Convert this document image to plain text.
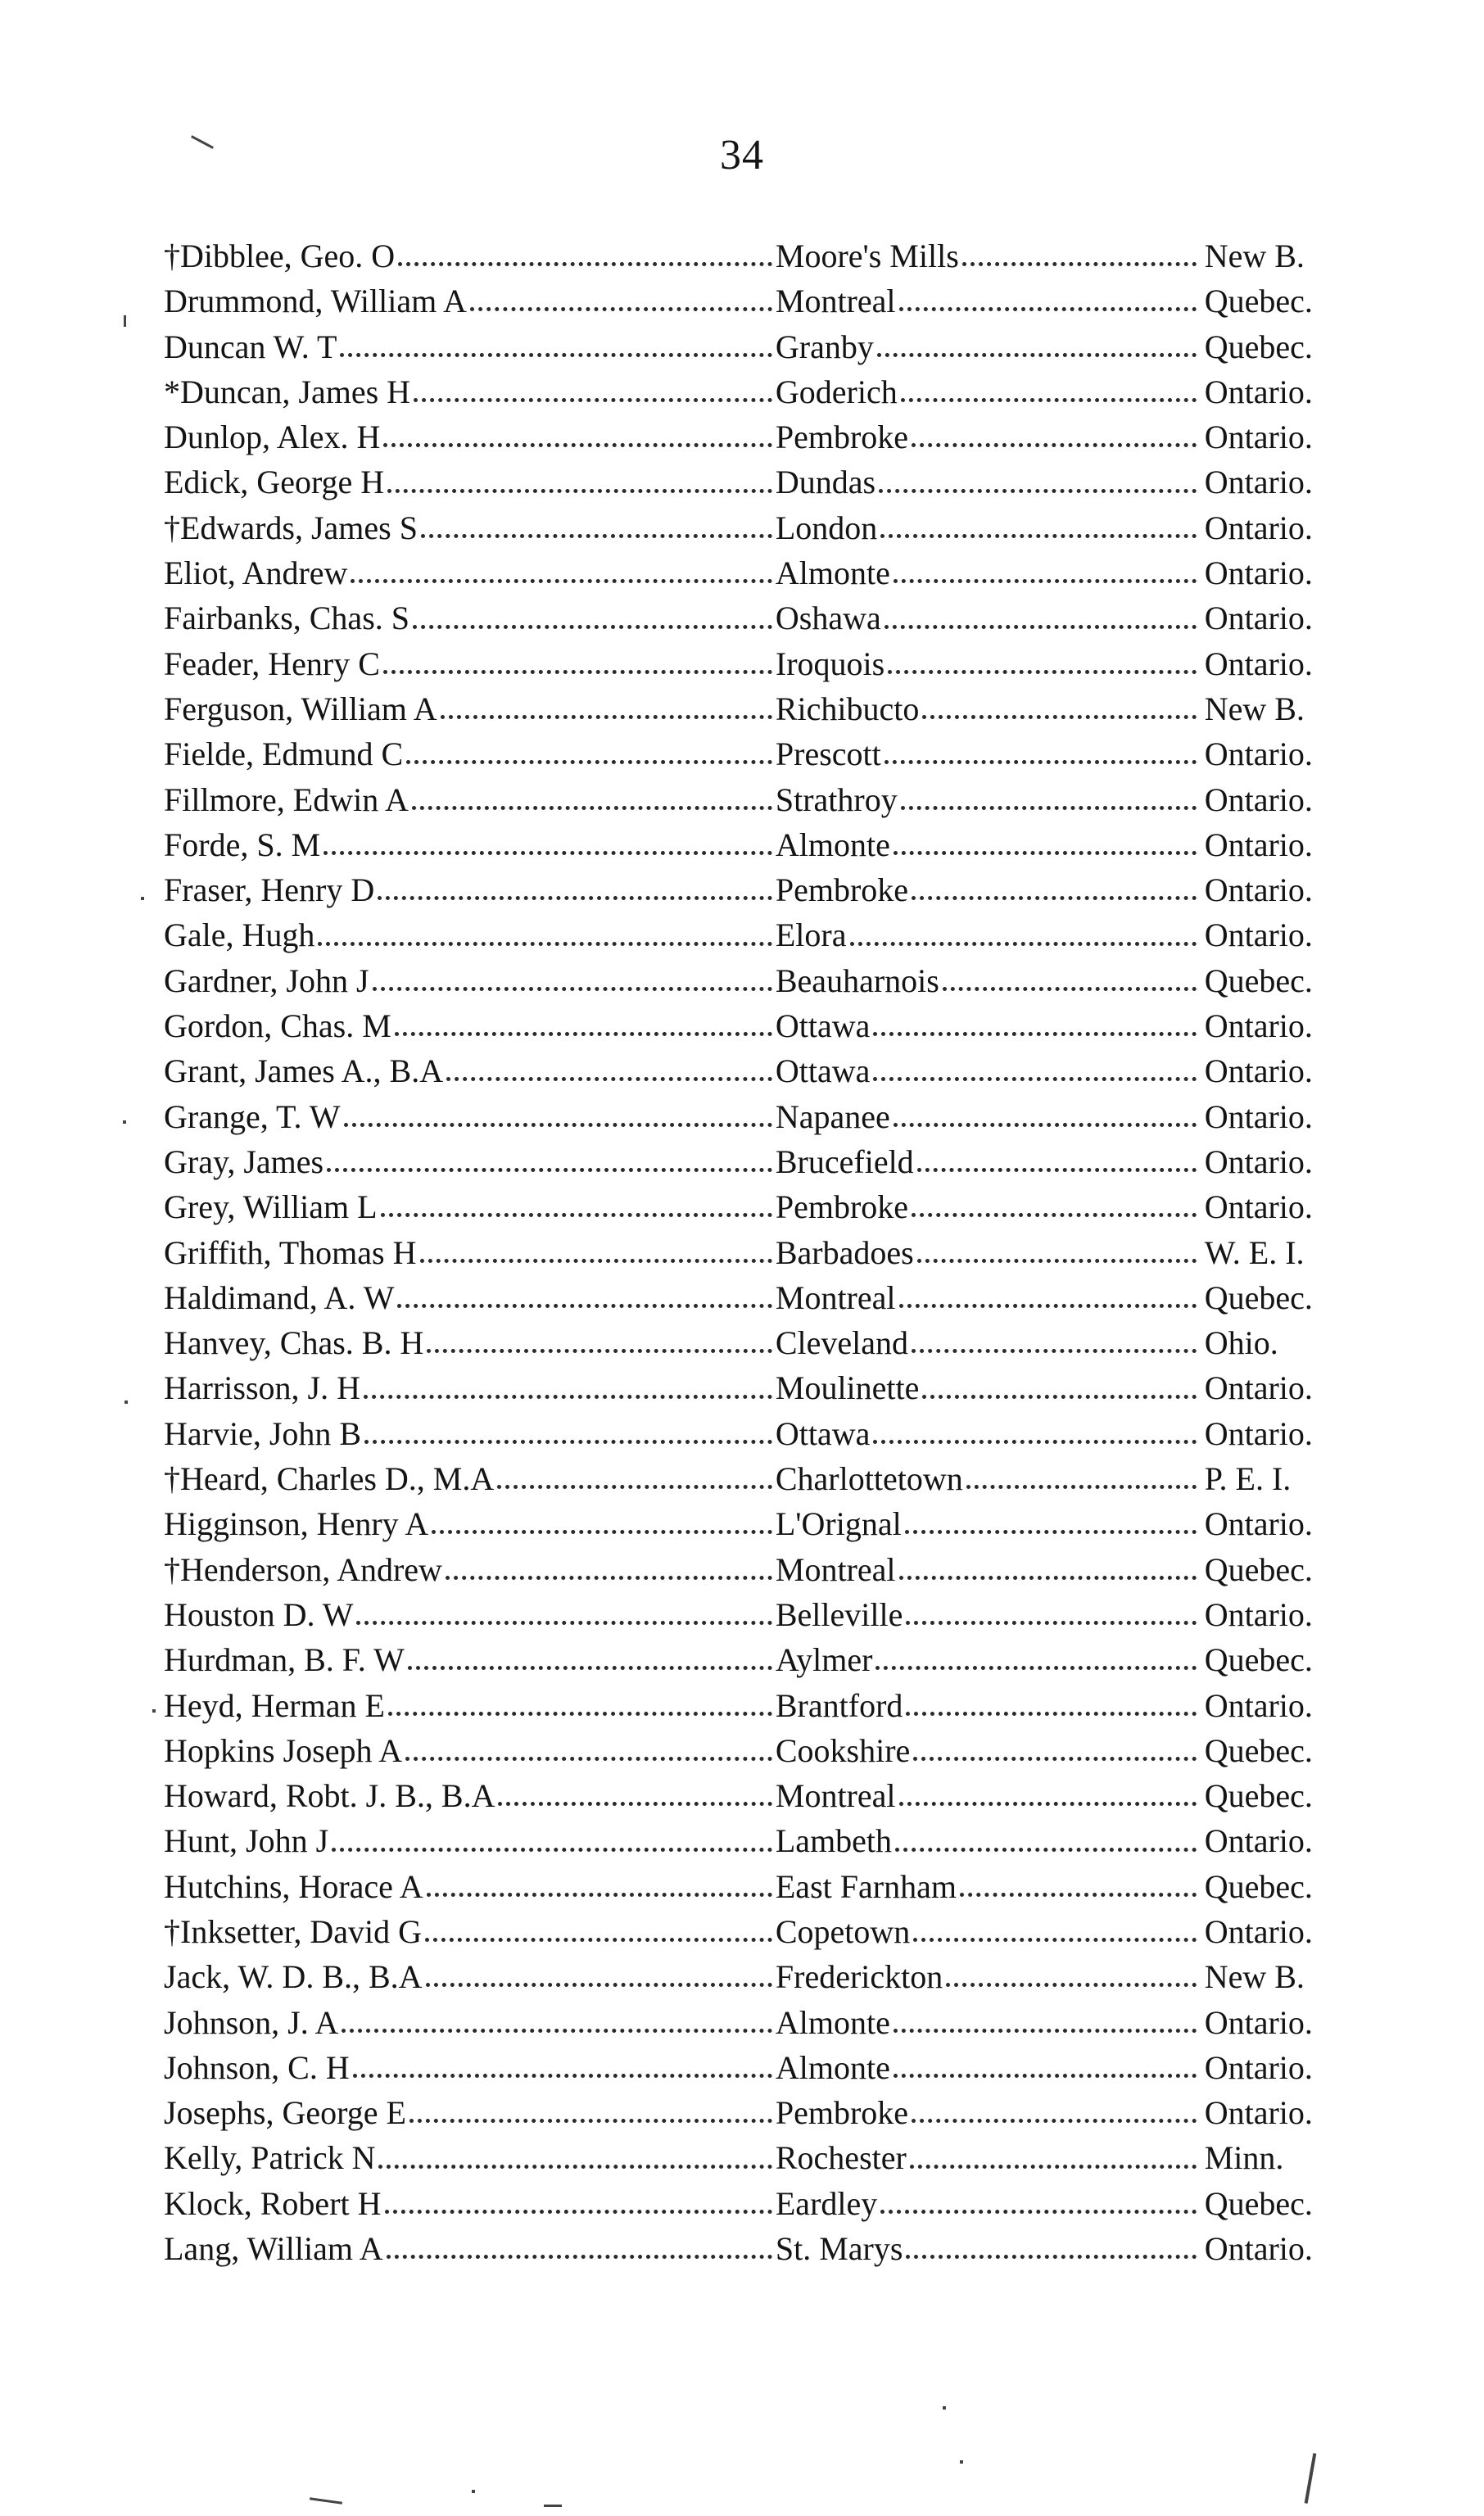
34
†Dibblee, Geo. O	Moore's Mills	New B.
Drummond, William A	Montreal	Quebec.
Duncan W. T	Granby	Quebec.
*Duncan, James H	Goderich	Ontario.
Dunlop, Alex. H	Pembroke	Ontario.
Edick, George H	Dundas	Ontario.
†Edwards, James S	London	Ontario.
Eliot, Andrew	Almonte	Ontario.
Fairbanks, Chas. S	Oshawa	Ontario.
Feader, Henry C	Iroquois	Ontario.
Ferguson, William A	Richibucto	New B.
Fielde, Edmund C	Prescott	Ontario.
Fillmore, Edwin A	Strathroy	Ontario.
Forde, S. M	Almonte	Ontario.
Fraser, Henry D	Pembroke	Ontario.
Gale, Hugh	Elora	Ontario.
Gardner, John J	Beauharnois	Quebec.
Gordon, Chas. M	Ottawa	Ontario.
Grant, James A., B.A	Ottawa	Ontario.
Grange, T. W	Napanee	Ontario.
Gray, James	Brucefield	Ontario.
Grey, William L	Pembroke	Ontario.
Griffith, Thomas H	Barbadoes	W. E. I.
Haldimand, A. W	Montreal	Quebec.
Hanvey, Chas. B. H	Cleveland	Ohio.
Harrisson, J. H	Moulinette	Ontario.
Harvie, John B	Ottawa	Ontario.
†Heard, Charles D., M.A	Charlottetown	P. E. I.
Higginson, Henry A	L'Orignal	Ontario.
†Henderson, Andrew	Montreal	Quebec.
Houston D. W	Belleville	Ontario.
Hurdman, B. F. W	Aylmer	Quebec.
Heyd, Herman E	Brantford	Ontario.
Hopkins Joseph A	Cookshire	Quebec.
Howard, Robt. J. B., B.A	Montreal	Quebec.
Hunt, John J	Lambeth	Ontario.
Hutchins, Horace A	East Farnham	Quebec.
†Inksetter, David G	Copetown	Ontario.
Jack, W. D. B., B.A	Frederickton	New B.
Johnson, J. A	Almonte	Ontario.
Johnson, C. H	Almonte	Ontario.
Josephs, George E	Pembroke	Ontario.
Kelly, Patrick N	Rochester	Minn.
Klock, Robert H	Eardley	Quebec.
Lang, William A	St. Marys	Ontario.
